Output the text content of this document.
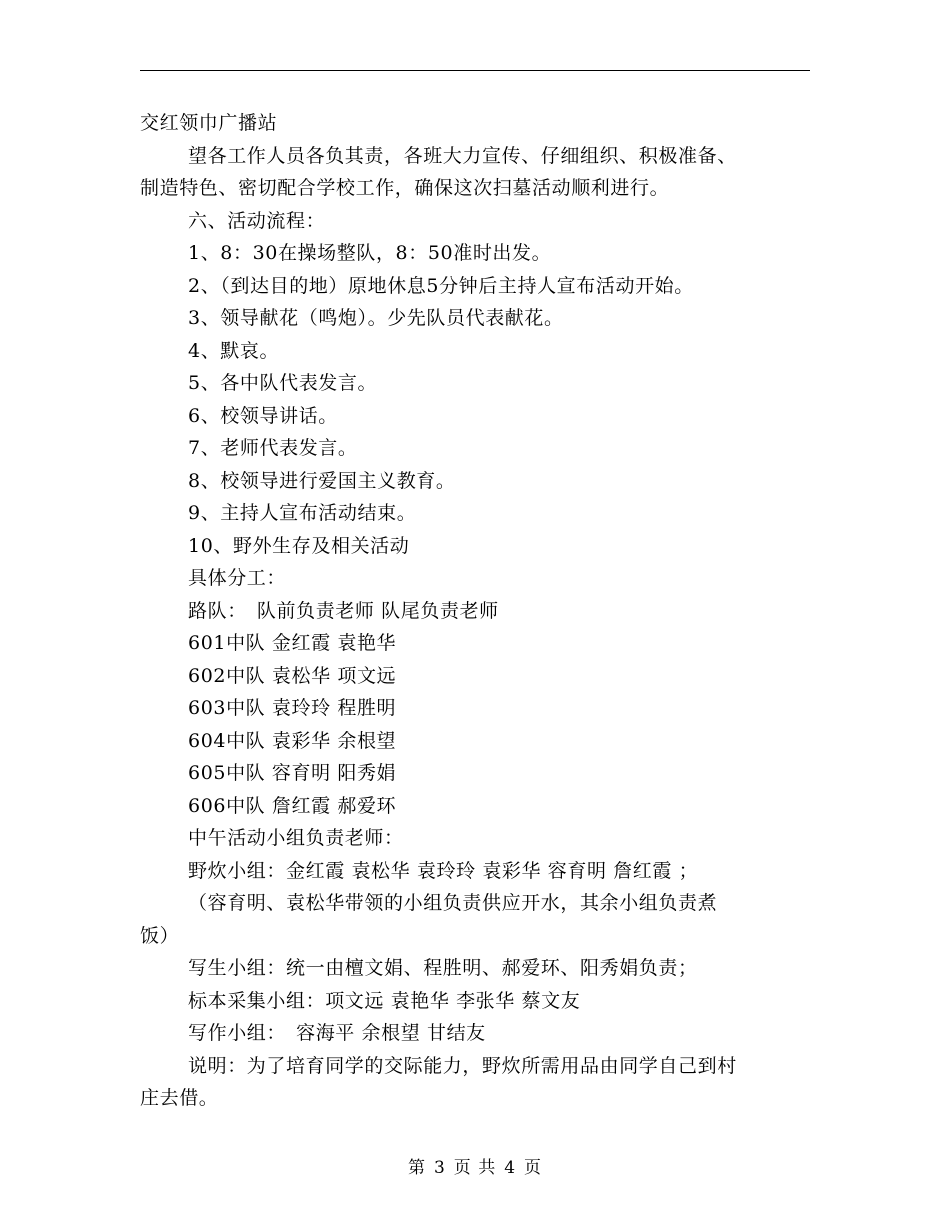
交红领巾广播站
望各工作人员各负其责，各班大力宣传、仔细组织、积极准备、
制造特色、密切配合学校工作，确保这次扫墓活动顺利进行。
六、活动流程：
1、8：30在操场整队，8：50准时出发。
2、（到达目的地）原地休息5分钟后主持人宣布活动开始。
3、领导献花（鸣炮）。少先队员代表献花。
4、默哀。
5、各中队代表发言。
6、校领导讲话。
7、老师代表发言。
8、校领导进行爱国主义教育。
9、主持人宣布活动结束。
10、野外生存及相关活动
具体分工：
路队：　队前负责老师 队尾负责老师
601中队 金红霞 袁艳华
602中队 袁松华 项文远
603中队 袁玲玲 程胜明
604中队 袁彩华 余根望
605中队 容育明 阳秀娟
606中队 詹红霞 郝爱环
中午活动小组负责老师：
野炊小组：金红霞 袁松华 袁玲玲 袁彩华 容育明 詹红霞 ；
（容育明、袁松华带领的小组负责供应开水，其余小组负责煮
饭）
写生小组：统一由檀文娟、程胜明、郝爱环、阳秀娟负责；
标本采集小组：项文远 袁艳华 李张华 蔡文友
写作小组：　容海平 余根望 甘结友
说明：为了培育同学的交际能力，野炊所需用品由同学自己到村
庄去借。
第 3 页 共 4 页
